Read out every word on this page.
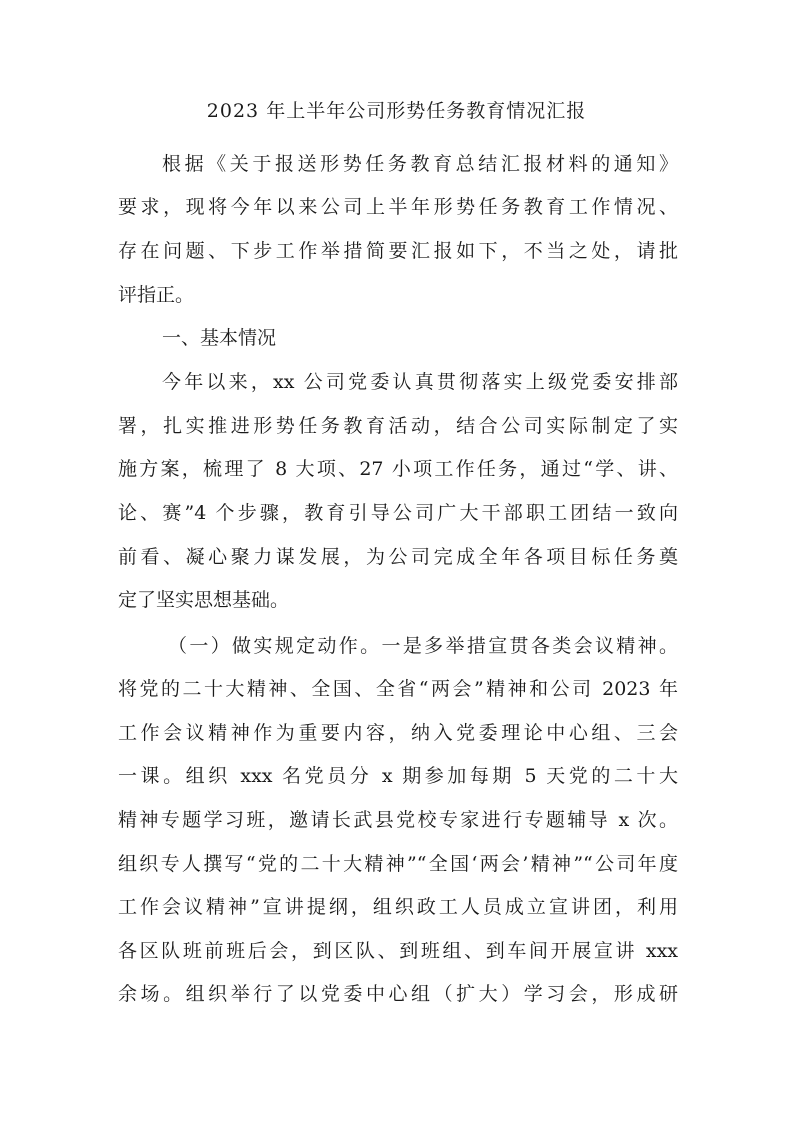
2023 年上半年公司形势任务教育情况汇报
根据《关于报送形势任务教育总结汇报材料的通知》
要求，现将今年以来公司上半年形势任务教育工作情况、
存在问题、下步工作举措简要汇报如下，不当之处，请批
评指正。
一、基本情况
今年以来，xx 公司党委认真贯彻落实上级党委安排部
署，扎实推进形势任务教育活动，结合公司实际制定了实
施方案，梳理了 8 大项、27 小项工作任务，通过“学、讲、
论、赛”4 个步骤，教育引导公司广大干部职工团结一致向
前看、凝心聚力谋发展，为公司完成全年各项目标任务奠
定了坚实思想基础。
（一）做实规定动作。一是多举措宣贯各类会议精神。
将党的二十大精神、全国、全省“两会”精神和公司 2023 年
工作会议精神作为重要内容，纳入党委理论中心组、三会
一课。组织 xxx 名党员分 x 期参加每期 5 天党的二十大
精神专题学习班，邀请长武县党校专家进行专题辅导 x 次。
组织专人撰写“党的二十大精神”“全国‘两会’精神”“公司年度
工作会议精神”宣讲提纲，组织政工人员成立宣讲团，利用
各区队班前班后会，到区队、到班组、到车间开展宣讲 xxx
余场。组织举行了以党委中心组（扩大）学习会，形成研
